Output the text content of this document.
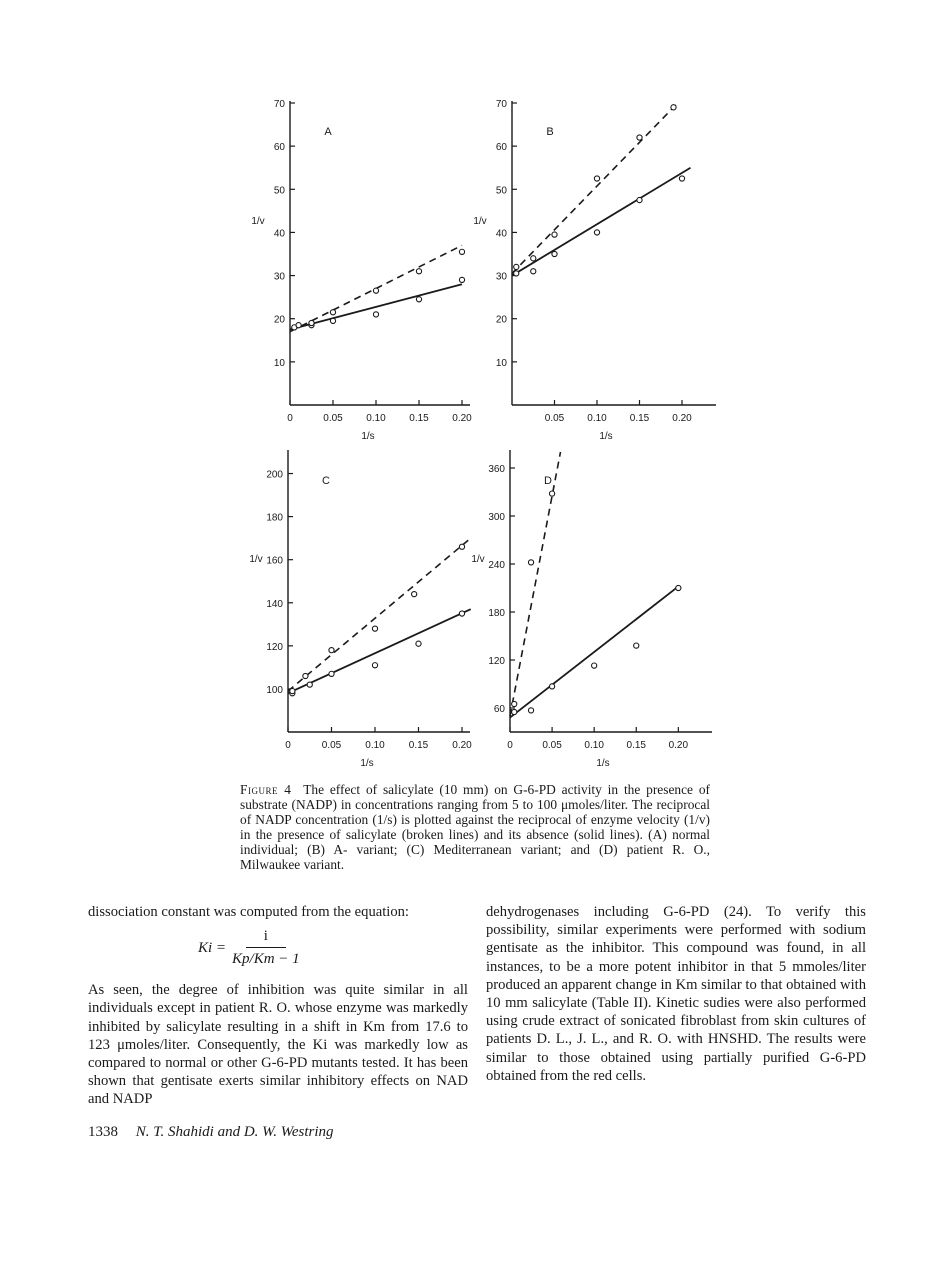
10
20
30
40
50
60
70
0	0.05 0.10 0.15 0.20
A
1/v
1/s
10
20
30
40
50
60
70
0.05 0.10 0.15 0.20
B
1/v
1/s
100
120
140
160
180
200
0	0.05 0.10 0.15 0.20
C
1/v
1/s
60
120
180
240
300
360
0	0.05 0.10 0.15 0.20
D
1/v
1/s

Figure 4 The effect of salicylate (10 mm) on G-6-PD activity in the presence of substrate (NADP) in concentrations ranging from 5 to 100 μmoles/liter. The reciprocal of NADP concentration (1/s) is plotted against the reciprocal of enzyme velocity (1/v) in the presence of salicylate (broken lines) and its absence (solid lines). (A) normal individual; (B) A- variant; (C) Mediterranean variant; and (D) patient R. O., Milwaukee variant.

dissociation constant was computed from the equation:

$Ki = \frac{i}{Kp/Km - 1}$

As seen, the degree of inhibition was quite similar in all individuals except in patient R. O. whose enzyme was markedly inhibited by salicylate resulting in a shift in Km from 17.6 to 123 μmoles/liter. Consequently, the Ki was markedly low as compared to normal or other G-6-PD mutants tested. It has been shown that gentisate exerts similar inhibitory effects on NAD and NADP

dehydrogenases including G-6-PD (24). To verify this possibility, similar experiments were performed with sodium gentisate as the inhibitor. This compound was found, in all instances, to be a more potent inhibitor in that 5 mmoles/liter produced an apparent change in Km similar to that obtained with 10 mm salicylate (Table II). Kinetic sudies were also performed using crude extract of sonicated fibroblast from skin cultures of patients D. L., J. L., and R. O. with HNSHD. The results were similar to those obtained using partially purified G-6-PD obtained from the red cells.

1338 N. T. Shahidi and D. W. Westring
